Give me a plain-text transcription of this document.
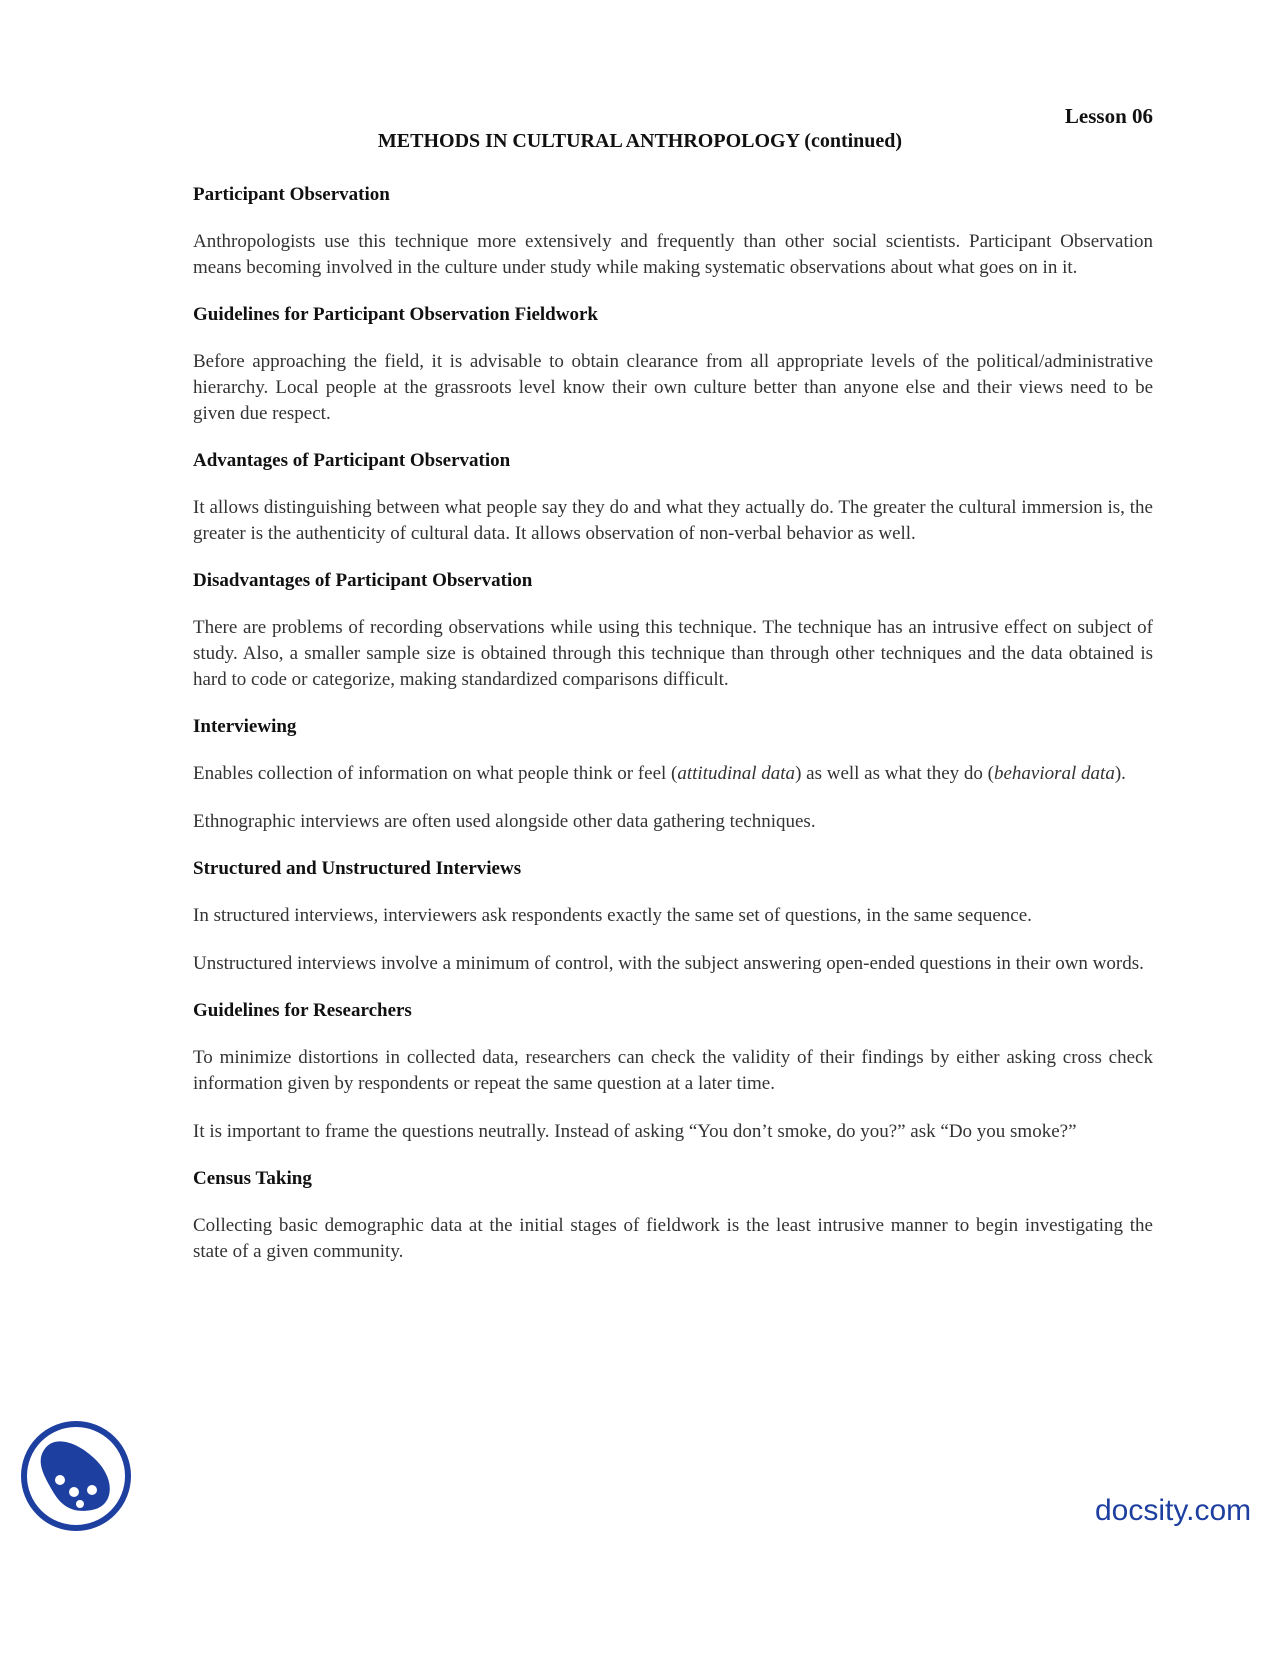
Lesson 06
METHODS IN CULTURAL ANTHROPOLOGY (continued)
Participant Observation

Anthropologists use this technique more extensively and frequently than other social scientists. Participant Observation means becoming involved in the culture under study while making systematic observations about what goes on in it.

Guidelines for Participant Observation Fieldwork

Before approaching the field, it is advisable to obtain clearance from all appropriate levels of the political/administrative hierarchy. Local people at the grassroots level know their own culture better than anyone else and their views need to be given due respect.

Advantages of Participant Observation

It allows distinguishing between what people say they do and what they actually do. The greater the cultural immersion is, the greater is the authenticity of cultural data. It allows observation of non-verbal behavior as well.

Disadvantages of Participant Observation

There are problems of recording observations while using this technique. The technique has an intrusive effect on subject of study. Also, a smaller sample size is obtained through this technique than through other techniques and the data obtained is hard to code or categorize, making standardized comparisons difficult.

Interviewing

Enables collection of information on what people think or feel (attitudinal data) as well as what they do (behavioral data).

Ethnographic interviews are often used alongside other data gathering techniques.

Structured and Unstructured Interviews

In structured interviews, interviewers ask respondents exactly the same set of questions, in the same sequence.

Unstructured interviews involve a minimum of control, with the subject answering open-ended questions in their own words.

Guidelines for Researchers

To minimize distortions in collected data, researchers can check the validity of their findings by either asking cross check information given by respondents or repeat the same question at a later time.

It is important to frame the questions neutrally. Instead of asking “You don’t smoke, do you?” ask “Do you smoke?”

Census Taking

Collecting basic demographic data at the initial stages of fieldwork is the least intrusive manner to begin investigating the state of a given community.

docsity.com
